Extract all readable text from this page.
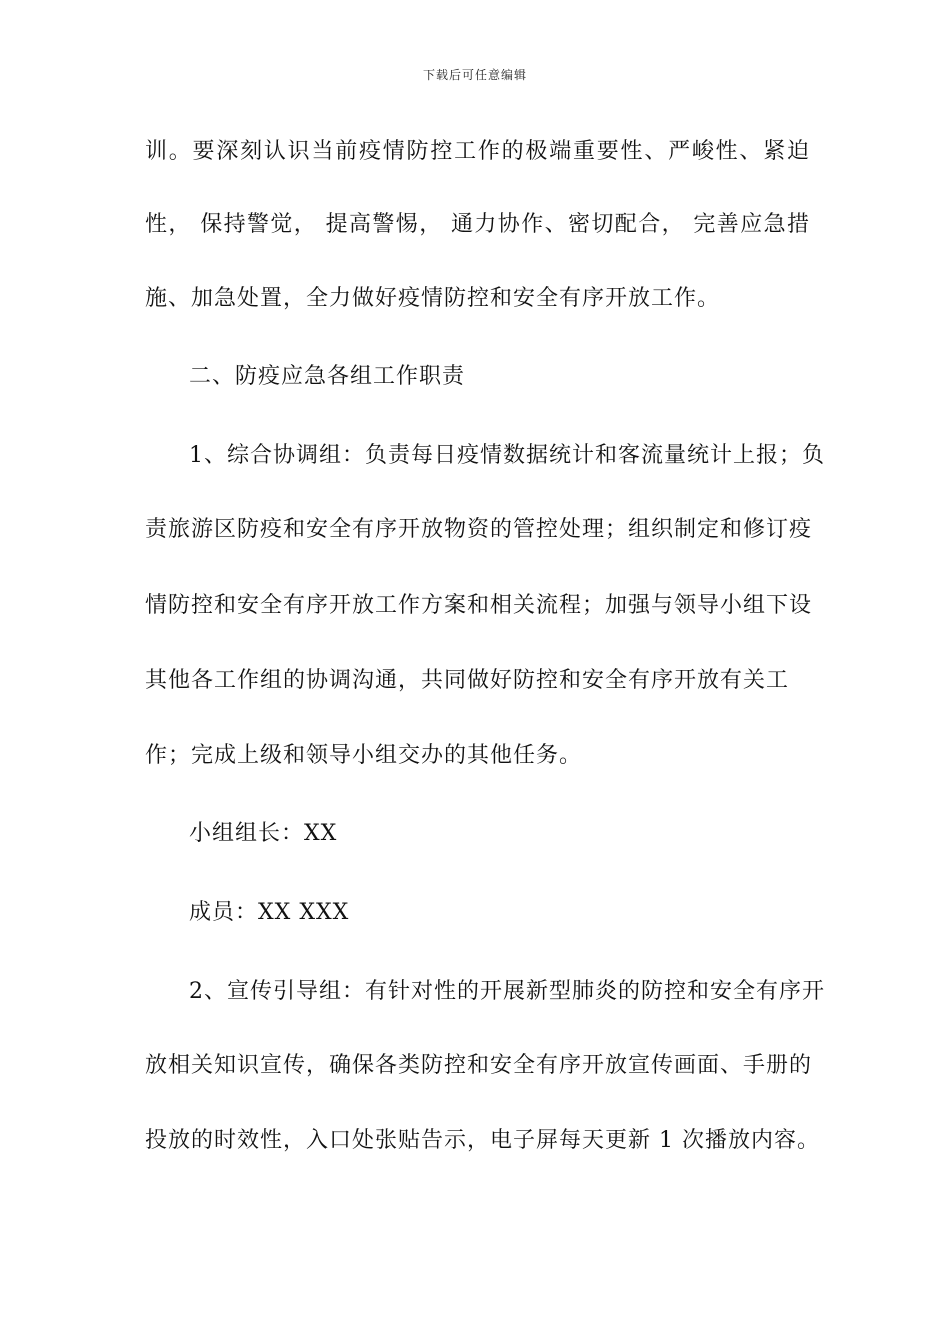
下载后可任意编辑
训。要深刻认识当前疫情防控工作的极端重要性、严峻性、紧迫
性， 保持警觉， 提高警惕， 通力协作、密切配合， 完善应急措
施、加急处置，全力做好疫情防控和安全有序开放工作。
二、防疫应急各组工作职责
1、综合协调组：负责每日疫情数据统计和客流量统计上报；负
责旅游区防疫和安全有序开放物资的管控处理；组织制定和修订疫
情防控和安全有序开放工作方案和相关流程；加强与领导小组下设
其他各工作组的协调沟通，共同做好防控和安全有序开放有关工
作；完成上级和领导小组交办的其他任务。
小组组长：XX
成员：XX XXX
2、宣传引导组：有针对性的开展新型肺炎的防控和安全有序开
放相关知识宣传，确保各类防控和安全有序开放宣传画面、手册的
投放的时效性，入口处张贴告示，电子屏每天更新 1 次播放内容。
